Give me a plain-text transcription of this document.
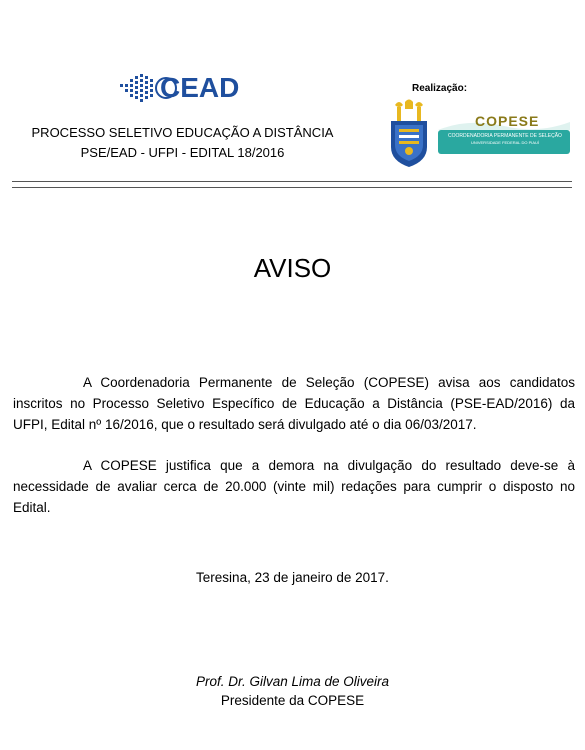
CEAD
PROCESSO SELETIVO EDUCAÇÃO A DISTÂNCIA
PSE/EAD - UFPI - EDITAL 18/2016
Realização:
COPESE
COORDENADORIA PERMANENTE DE SELEÇÃO
UNIVERSIDADE FEDERAL DO PIAUÍ
AVISO

A Coordenadoria Permanente de Seleção (COPESE) avisa aos candidatos inscritos no Processo Seletivo Específico de Educação a Distância (PSE-EAD/2016) da UFPI, Edital nº 16/2016, que o resultado será divulgado até o dia 06/03/2017.

A COPESE justifica que a demora na divulgação do resultado deve-se à necessidade de avaliar cerca de 20.000 (vinte mil) redações para cumprir o disposto no Edital.

Teresina, 23 de janeiro de 2017.
Prof. Dr. Gilvan Lima de Oliveira
Presidente da COPESE
